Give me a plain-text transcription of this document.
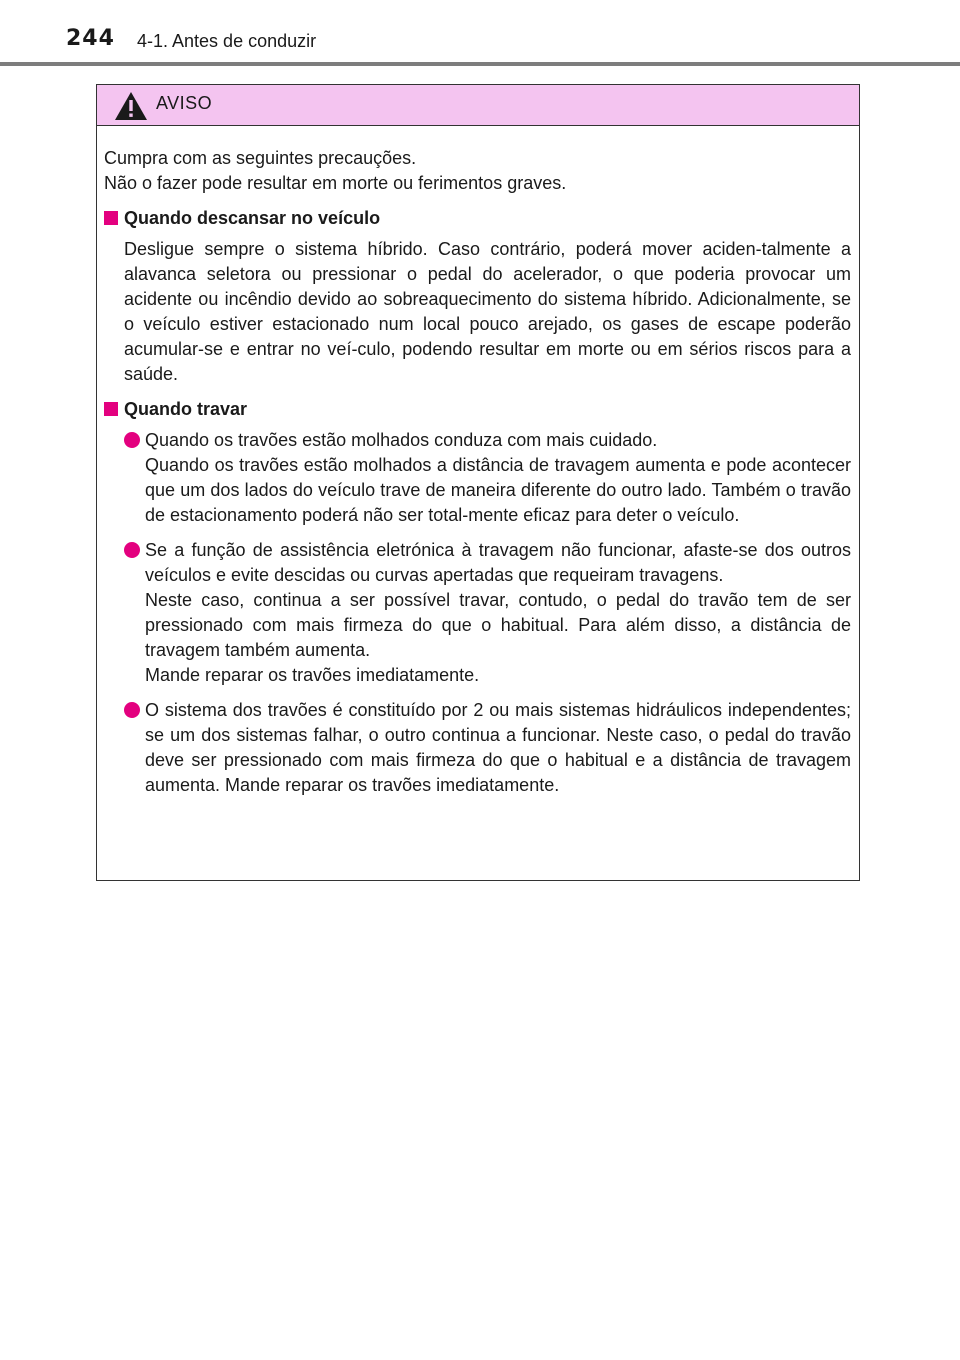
244 4-1. Antes de conduzir
AVISO

Cumpra com as seguintes precauções.

Não o fazer pode resultar em morte ou ferimentos graves.

Quando descansar no veículo

Desligue sempre o sistema híbrido. Caso contrário, poderá mover aciden-talmente a alavanca seletora ou pressionar o pedal do acelerador, o que poderia provocar um acidente ou incêndio devido ao sobreaquecimento do sistema híbrido. Adicionalmente, se o veículo estiver estacionado num local pouco arejado, os gases de escape poderão acumular-se e entrar no veí-culo, podendo resultar em morte ou em sérios riscos para a saúde.

Quando travar

Quando os travões estão molhados conduza com mais cuidado.

Quando os travões estão molhados a distância de travagem aumenta e pode acontecer que um dos lados do veículo trave de maneira diferente do outro lado. Também o travão de estacionamento poderá não ser total-mente eficaz para deter o veículo.

Se a função de assistência eletrónica à travagem não funcionar, afaste-se dos outros veículos e evite descidas ou curvas apertadas que requeiram travagens.

Neste caso, continua a ser possível travar, contudo, o pedal do travão tem de ser pressionado com mais firmeza do que o habitual. Para além disso, a distância de travagem também aumenta.

Mande reparar os travões imediatamente.

O sistema dos travões é constituído por 2 ou mais sistemas hidráulicos independentes; se um dos sistemas falhar, o outro continua a funcionar. Neste caso, o pedal do travão deve ser pressionado com mais firmeza do que o habitual e a distância de travagem aumenta. Mande reparar os travões imediatamente.
